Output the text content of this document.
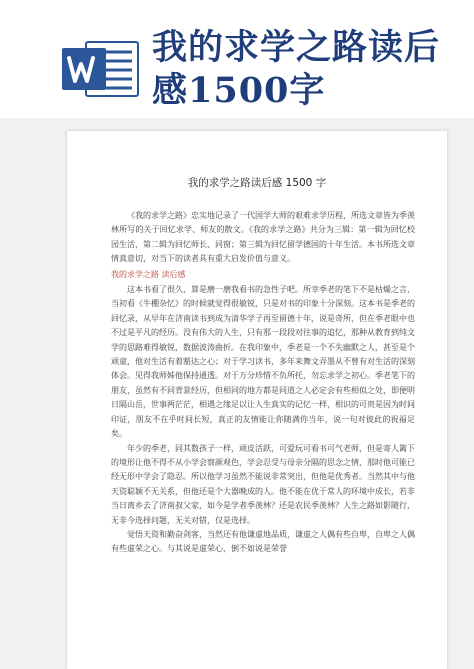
我的求学之路读后感1500字
我的求学之路读后感 1500 字

《我的求学之路》忠实地记录了一代国学大师的艰难求学历程，所选文章皆为季羡林所写的关于回忆求学、师友的散文。《我的求学之路》共分为三辑：第一辑为回忆校园生活，第二辑为回忆师长、同窗；第三辑为回忆留学德国的十年生活。本书所选文章情真意切，对当下的读者具有重大启发价值与意义。

我的求学之路 读后感

这本书看了很久，算是磨一磨我看书的急性子吧。所幸季老的笔下不是枯燥之言，当初看《牛棚杂忆》的时候就觉得很敏锐，只是对书的印象十分深刻。这本书是季老的回忆录，从早年在济南读书到成为清华学子再至留德十年，说是奇所，但在季老眼中也不过是平凡的经历。没有伟大的人生，只有那一段段对往事的追忆，那种从教育到纯文学的思路难得敏锐，数据波涛曲折。在我印象中，季老是一个不失幽默之人，甚至是个顽童，他对生活有着豁达之心；对于学习读书，多年来舞文弄墨从不曾有对生活的深刻体会。见得我师姊他保持通透。对于万分珍惜不负所托，勿忘求学之初心。季老笔下的朋友，虽然有不同背景经历，但相同的地方都是同道之人必定会有些相似之处，即便明日隔山岳，世事两茫茫，相遇之缘足以让人生真实的记忆一样，相识的可贵是因为时间印证，朋友不在乎时间长短，真正的友情能让你随满你当年，说一句对彼此的祝福足矣。

年少的季老，同其数孩子一样，顽皮活跃，可爱玩可看书可气老师，但是寄人篱下的境形让他不得不从小学会察颜观色，学会忍受与母亲分隔的思念之情，那时他可能已经无形中学会了隐忍。所以他学习虽然不能说非常突出，但他是优秀者。当然其中与他天资聪颖不无关系，但他还是个大器晚成的人。他不能在优于常人的环境中成长，若非当日离乡去了济南叔父家，如今是学者季羡林？还是农民季羡林？人生之路如影随行，无非今选择问题，无关对错，仅是选择。

觉悟天资和勤奋剑客，当然还有他谦虚地品质，谦虚之人偶有些自卑，自卑之人偶有些虚荣之心。与其说是虚荣心，倒不如说是荣誉
